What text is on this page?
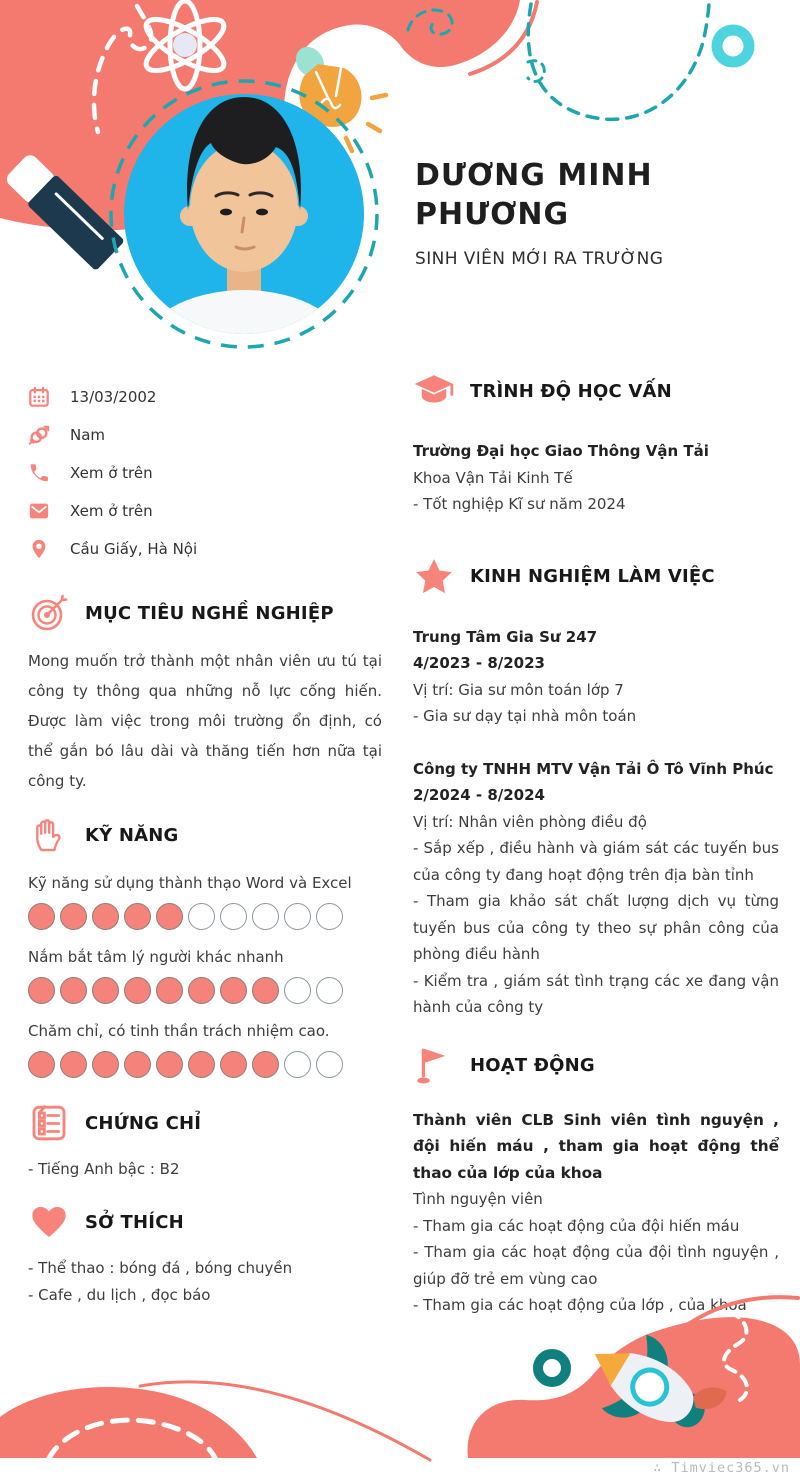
DƯƠNG MINH PHƯƠNG
SINH VIÊN MỚI RA TRƯỜNG
13/03/2002
Nam
Xem ở trên
Xem ở trên
Cầu Giấy, Hà Nội
MỤC TIÊU NGHỀ NGHIỆP

Mong muốn trở thành một nhân viên ưu tú tại công ty thông qua những nỗ lực cống hiến. Được làm việc trong môi trường ổn định, có thể gắn bó lâu dài và thăng tiến hơn nữa tại công ty.

KỸ NĂNG

Kỹ năng sử dụng thành thạo Word và Excel

Nắm bắt tâm lý người khác nhanh

Chăm chỉ, có tinh thần trách nhiệm cao.

CHỨNG CHỈ

- Tiếng Anh bậc : B2

SỞ THÍCH

- Thể thao : bóng đá , bóng chuyền

- Cafe , du lịch , đọc báo

TRÌNH ĐỘ HỌC VẤN

Trường Đại học Giao Thông Vận Tải

Khoa Vận Tải Kinh Tế

- Tốt nghiệp Kĩ sư năm 2024

KINH NGHIỆM LÀM VIỆC

Trung Tâm Gia Sư 247

4/2023 - 8/2023

Vị trí: Gia sư môn toán lớp 7

- Gia sư dạy tại nhà môn toán

Công ty TNHH MTV Vận Tải Ô Tô Vĩnh Phúc

2/2024 - 8/2024

Vị trí: Nhân viên phòng điều độ

- Sắp xếp , điều hành và giám sát các tuyến bus của công ty đang hoạt động trên địa bàn tỉnh

- Tham gia khảo sát chất lượng dịch vụ từng tuyến bus của công ty theo sự phân công của phòng điều hành

- Kiểm tra , giám sát tình trạng các xe đang vận hành của công ty

HOẠT ĐỘNG

Thành viên CLB Sinh viên tình nguyện , đội hiến máu , tham gia hoạt động thể thao của lớp của khoa

Tình nguyện viên

- Tham gia các hoạt động của đội hiến máu

- Tham gia các hoạt động của đội tình nguyện , giúp đỡ trẻ em vùng cao

- Tham gia các hoạt động của lớp , của khoa

∴ Timviec365.vn
